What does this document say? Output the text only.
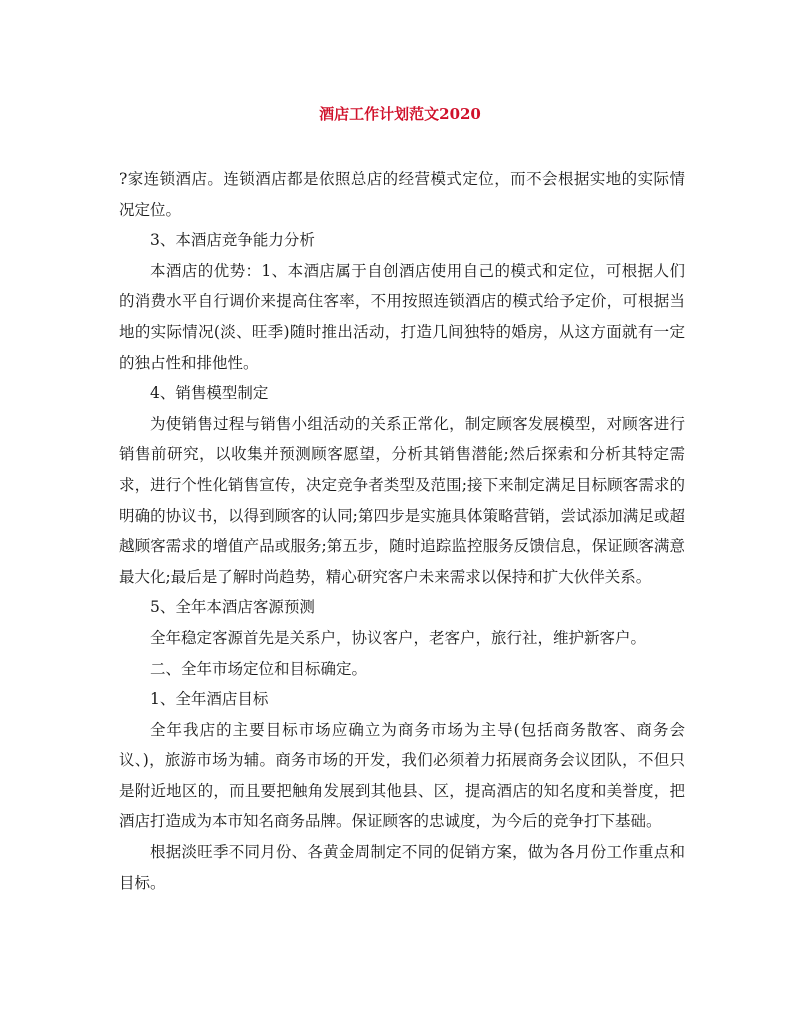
酒店工作计划范文2020

?家连锁酒店。连锁酒店都是依照总店的经营模式定位，而不会根据实地的实际情况定位。

3、本酒店竞争能力分析

本酒店的优势：1、本酒店属于自创酒店使用自己的模式和定位，可根据人们的消费水平自行调价来提高住客率，不用按照连锁酒店的模式给予定价，可根据当地的实际情况(淡、旺季)随时推出活动，打造几间独特的婚房，从这方面就有一定的独占性和排他性。

4、销售模型制定

为使销售过程与销售小组活动的关系正常化，制定顾客发展模型，对顾客进行销售前研究，以收集并预测顾客愿望，分析其销售潜能;然后探索和分析其特定需求，进行个性化销售宣传，决定竞争者类型及范围;接下来制定满足目标顾客需求的明确的协议书，以得到顾客的认同;第四步是实施具体策略营销，尝试添加满足或超越顾客需求的增值产品或服务;第五步，随时追踪监控服务反馈信息，保证顾客满意最大化;最后是了解时尚趋势，精心研究客户未来需求以保持和扩大伙伴关系。

5、全年本酒店客源预测

全年稳定客源首先是关系户，协议客户，老客户，旅行社，维护新客户。

二、全年市场定位和目标确定。

1、全年酒店目标

全年我店的主要目标市场应确立为商务市场为主导(包括商务散客、商务会议、)，旅游市场为辅。商务市场的开发，我们必须着力拓展商务会议团队，不但只是附近地区的，而且要把触角发展到其他县、区，提高酒店的知名度和美誉度，把酒店打造成为本市知名商务品牌。保证顾客的忠诚度，为今后的竞争打下基础。

根据淡旺季不同月份、各黄金周制定不同的促销方案，做为各月份工作重点和目标。
